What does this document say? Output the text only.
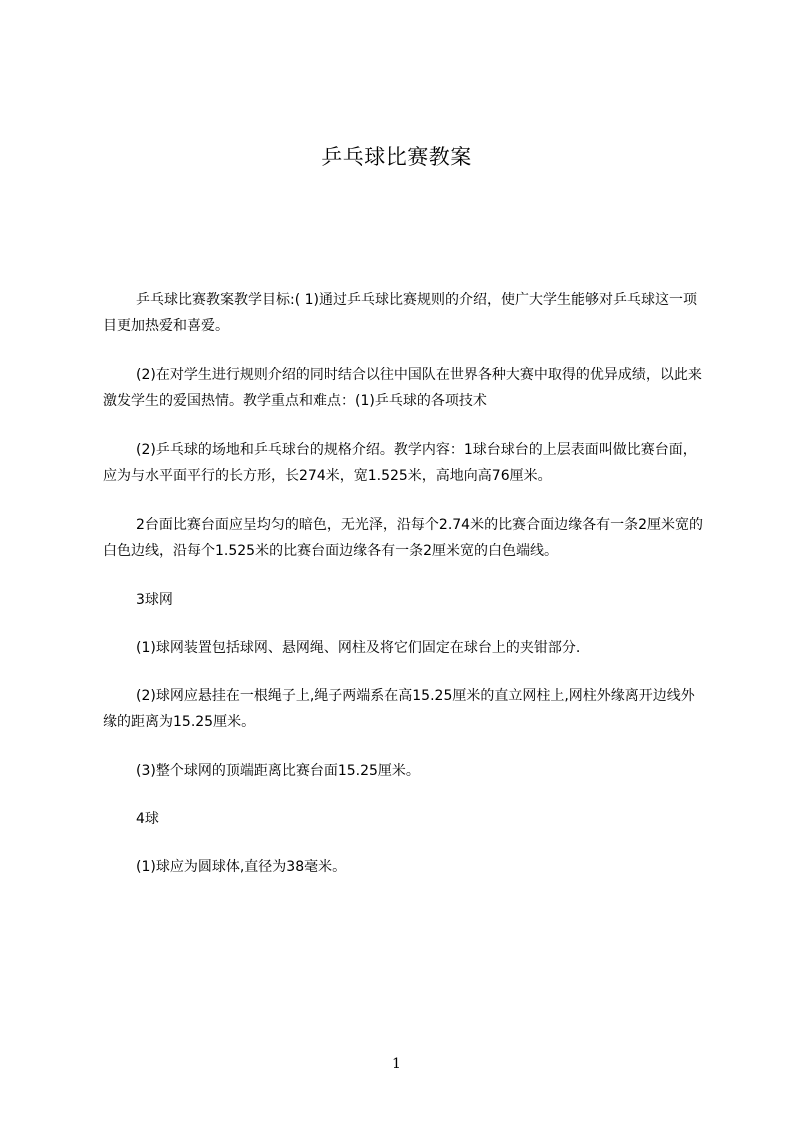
乒乓球比赛教案

乒乓球比赛教案教学目标:( 1)通过乒乓球比赛规则的介绍，使广大学生能够对乒乓球这一项目更加热爱和喜爱。

(2)在对学生进行规则介绍的同时结合以往中国队在世界各种大赛中取得的优异成绩，以此来激发学生的爱国热情。教学重点和难点：(1)乒乓球的各项技术

(2)乒乓球的场地和乒乓球台的规格介绍。教学内容：1球台球台的上层表面叫做比赛台面，应为与水平面平行的长方形，长274米，宽1.525米，高地向高76厘米。

2台面比赛台面应呈均匀的暗色，无光泽，沿每个2.74米的比赛合面边缘各有一条2厘米宽的白色边线，沿每个1.525米的比赛台面边缘各有一条2厘米宽的白色端线。

3球网

(1)球网装置包括球网、悬网绳、网柱及将它们固定在球台上的夹钳部分.

(2)球网应悬挂在一根绳子上,绳子两端系在高15.25厘米的直立网柱上,网柱外缘离开边线外缘的距离为15.25厘米。

(3)整个球网的顶端距离比赛台面15.25厘米。

4球

(1)球应为圆球体,直径为38毫米。

1
